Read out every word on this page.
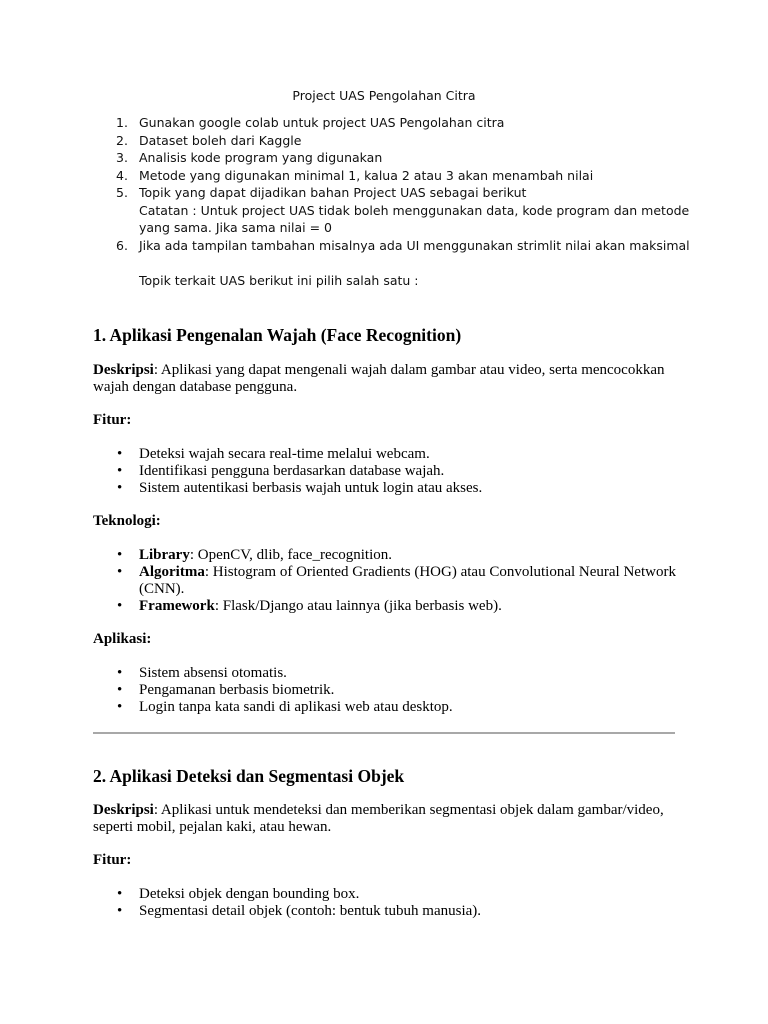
Project UAS Pengolahan Citra
1. Gunakan google colab untuk project UAS Pengolahan citra
2. Dataset boleh dari Kaggle
3. Analisis kode program yang digunakan
4. Metode yang digunakan minimal 1, kalua 2 atau 3 akan menambah nilai
5. Topik yang dapat dijadikan bahan Project UAS sebagai berikut
Catatan : Untuk project UAS tidak boleh menggunakan data, kode program dan metode yang sama. Jika sama nilai = 0
6. Jika ada tampilan tambahan misalnya ada UI menggunakan strimlit nilai akan maksimal
Topik terkait UAS berikut ini pilih salah satu :
1. Aplikasi Pengenalan Wajah (Face Recognition)

Deskripsi: Aplikasi yang dapat mengenali wajah dalam gambar atau video, serta mencocokkan wajah dengan database pengguna.

Fitur:

• Deteksi wajah secara real-time melalui webcam.
• Identifikasi pengguna berdasarkan database wajah.
• Sistem autentikasi berbasis wajah untuk login atau akses.

Teknologi:

• Library: OpenCV, dlib, face_recognition.
• Algoritma: Histogram of Oriented Gradients (HOG) atau Convolutional Neural Network (CNN).
• Framework: Flask/Django atau lainnya (jika berbasis web).

Aplikasi:

• Sistem absensi otomatis.
• Pengamanan berbasis biometrik.
• Login tanpa kata sandi di aplikasi web atau desktop.
2. Aplikasi Deteksi dan Segmentasi Objek

Deskripsi: Aplikasi untuk mendeteksi dan memberikan segmentasi objek dalam gambar/video, seperti mobil, pejalan kaki, atau hewan.

Fitur:

• Deteksi objek dengan bounding box.
• Segmentasi detail objek (contoh: bentuk tubuh manusia).
